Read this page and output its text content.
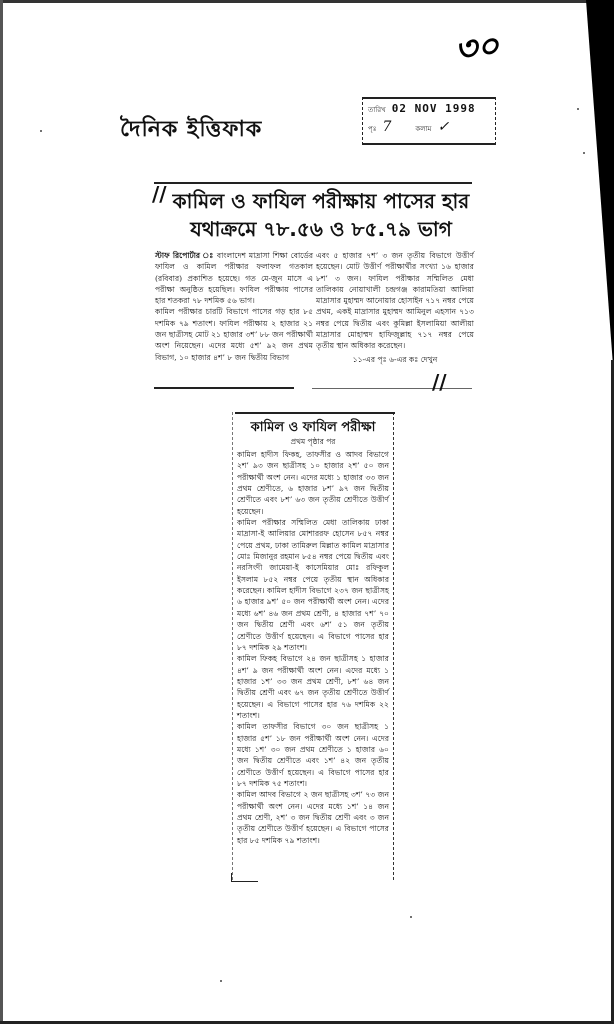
৩০
দৈনিক ইত্তিফাক
তারিখ 02 NOV 1998
পৃঃ 7	কলাম ✓
// কামিল ও ফাযিল পরীক্ষায় পাসের হার
যথাক্রমে ৭৮.৫৬ ও ৮৫.৭৯ ভাগ

স্টাফ রিপোর্টার ঃ বাংলাদেশ মাদ্রাসা শিক্ষা বোর্ডের ফাযিল ও কামিল পরীক্ষার ফলাফল গতকাল (রবিবার) প্রকাশিত হয়েছে। গত মে-জুন মাসে এ পরীক্ষা অনুষ্ঠিত হয়েছিল। ফাযিল পরীক্ষায় পাসের হার শতকরা ৭৮ দশমিক ৫৬ ভাগ।

কামিল পরীক্ষার চারটি বিভাগে পাসের গড় হার ৮৫ দশমিক ৭৯ শতাংশ। ফাযিল পরীক্ষায় ২ হাজার ২১ জন ছাত্রীসহ মোট ২১ হাজার ৩শ’ ৮৮ জন পরীক্ষার্থী অংশ নিয়েছেন। এদের মধ্যে ৫শ’ ৯২ জন প্রথম বিভাগ, ১০ হাজার ৪শ’ ৮ জন দ্বিতীয় বিভাগ

এবং ৫ হাজার ৭শ’ ৩ জন তৃতীয় বিভাগে উত্তীর্ণ হয়েছেন। মোট উত্তীর্ণ পরীক্ষার্থীর সংখ্যা ১৬ হাজার ৮শ’ ৩ জন। ফাযিল পরীক্ষার সম্মিলিত মেধা তালিকায় নোয়াখালী চন্দ্রগঞ্জ কারামতিয়া আলিয়া মাদ্রাসার মুহাম্মদ আনোয়ার হোসাইন ৭১৭ নম্বর পেয়ে প্রথম, একই মাদ্রাসার মুহাম্মদ আমিনুল এহসান ৭১৩ নম্বর পেয়ে দ্বিতীয় এবং কুমিল্লা ইসলামিয়া আলীয়া মাদ্রাসার মোহাম্মদ হাফিজুল্লাহ ৭১৭ নম্বর পেয়ে তৃতীয় স্থান অধিকার করেছেন।

১১-এর পৃঃ ৬-এর কঃ দেখুন

//
কামিল ও ফাযিল পরীক্ষা
প্রথম পৃষ্ঠার পর

কামিল হাদীস ফিকহ, তাফসীর ও আদব বিভাগে ২শ’ ৯৩ জন ছাত্রীসহ ১০ হাজার ২শ’ ৫০ জন পরীক্ষার্থী অংশ নেন। এদের মধ্যে ১ হাজার ৩৩ জন প্রথম শ্রেণীতে, ৬ হাজার ৮শ’ ৯৭ জন দ্বিতীয় শ্রেণীতে এবং ৮শ’ ৬৩ জন তৃতীয় শ্রেণীতে উত্তীর্ণ হয়েছেন।

কামিল পরীক্ষার সম্মিলিত মেধা তালিকায় ঢাকা মাদ্রাসা-ই আলিয়ার মোশাররফ হোসেন ৮৫৭ নম্বর পেয়ে প্রথম, ঢাকা তামিরুল মিল্লাত কামিল মাদ্রাসার মোঃ মিজানুর রহমান ৮৫৪ নম্বর পেয়ে দ্বিতীয় এবং নরসিংদী জামেয়া-ই কাসেমিয়ার মোঃ রফিকুল ইসলাম ৮৫২ নম্বর পেয়ে তৃতীয় স্থান অধিকার করেছেন। কামিল হাদীস বিভাগে ২৩৭ জন ছাত্রীসহ ৬ হাজার ৯শ’ ৫০ জন পরীক্ষার্থী অংশ নেন। এদের মধ্যে ৬শ’ ৪৬ জন প্রথম শ্রেণী, ৪ হাজার ৭শ’ ৭০ জন দ্বিতীয় শ্রেণী এবং ৬শ’ ৫১ জন তৃতীয় শ্রেণীতে উত্তীর্ণ হয়েছেন। এ বিভাগে পাসের হার ৮৭ দশমিক ২৯ শতাংশ।

কামিল ফিকহ বিভাগে ২৪ জন ছাত্রীসহ ১ হাজার ৪শ’ ৯ জন পরীক্ষার্থী অংশ নেন। এদের মধ্যে ১ হাজার ১শ’ ৩৩ জন প্রথম শ্রেণী, ৮শ’ ৬৪ জন দ্বিতীয় শ্রেণী এবং ৬৭ জন তৃতীয় শ্রেণীতে উত্তীর্ণ হয়েছেন। এ বিভাগে পাসের হার ৭৬ দশমিক ২২ শতাংশ।

কামিল তাফসীর বিভাগে ৩০ জন ছাত্রীসহ ১ হাজার ৫শ’ ১৮ জন পরীক্ষার্থী অংশ নেন। এদের মধ্যে ১শ’ ৩০ জন প্রথম শ্রেণীতে ১ হাজার ৬০ জন দ্বিতীয় শ্রেণীতে এবং ১শ’ ৪২ জন তৃতীয় শ্রেণীতে উত্তীর্ণ হয়েছেন। এ বিভাগে পাসের হার ৮৭ দশমিক ৭৫ শতাংশ।

কামিল আদব বিভাগে ২ জন ছাত্রীসহ ৩শ’ ৭৩ জন পরীক্ষার্থী অংশ নেন। এদের মধ্যে ১শ’ ১৪ জন প্রথম শ্রেণী, ২শ’ ৩ জন দ্বিতীয় শ্রেণী এবং ৩ জন তৃতীয় শ্রেণীতে উত্তীর্ণ হয়েছেন। এ বিভাগে পাসের হার ৮৫ দশমিক ৭৯ শতাংশ।
